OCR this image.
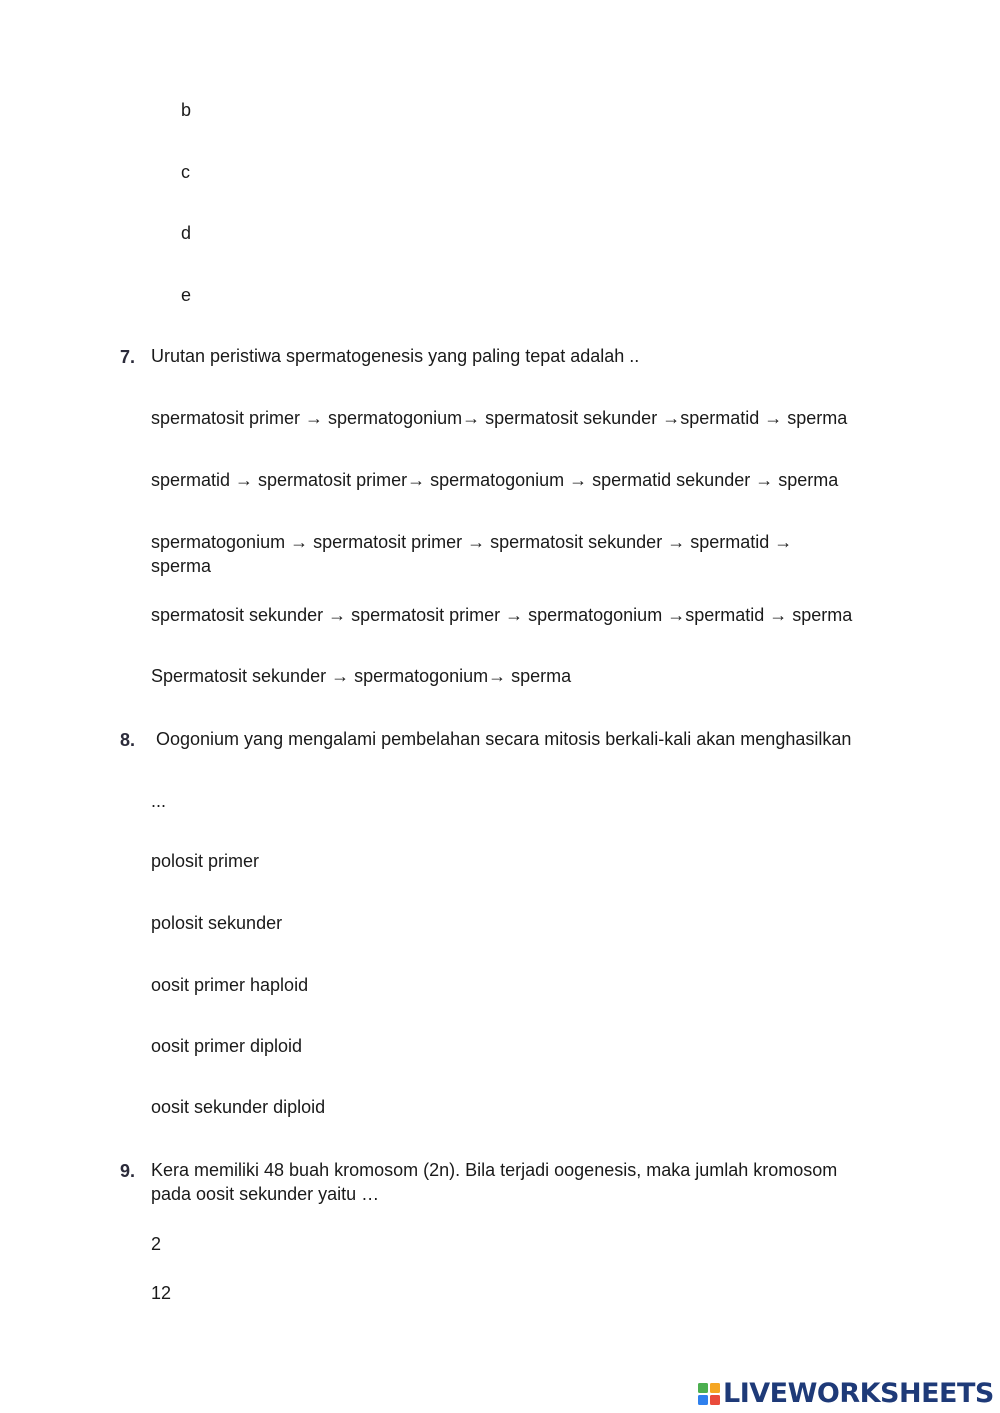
b

c

d

e

7. Urutan peristiwa spermatogenesis yang paling tepat adalah ..

spermatosit primer → spermatogonium→ spermatosit sekunder →spermatid → sperma

spermatid → spermatosit primer→ spermatogonium → spermatid sekunder → sperma

spermatogonium → spermatosit primer → spermatosit sekunder → spermatid → sperma

spermatosit sekunder → spermatosit primer → spermatogonium →spermatid → sperma

Spermatosit sekunder → spermatogonium→ sperma

8. Oogonium yang mengalami pembelahan secara mitosis berkali-kali akan menghasilkan

...

polosit primer

polosit sekunder

oosit primer haploid

oosit primer diploid

oosit sekunder diploid

9. Kera memiliki 48 buah kromosom (2n). Bila terjadi oogenesis, maka jumlah kromosom pada oosit sekunder yaitu …

2

12

LIVEWORKSHEETS
